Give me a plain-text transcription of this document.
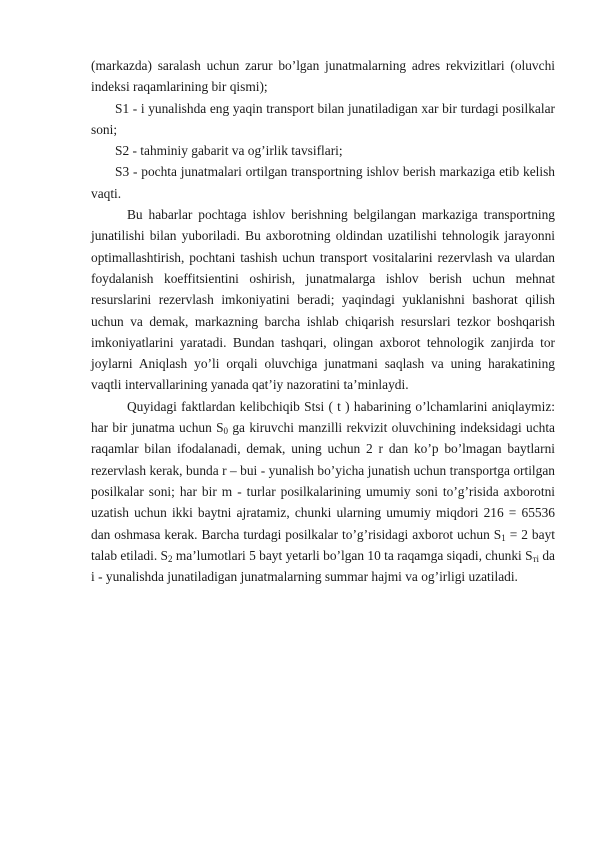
(markazda) saralash uchun zarur bo’lgan junatmalarning adres rekvizitlari (oluvchi indeksi raqamlarining bir qismi);

S1 - i yunalishda eng yaqin transport bilan junatiladigan xar bir turdagi posilkalar soni;

S2 - tahminiy gabarit va og’irlik tavsiflari;

S3 - pochta junatmalari ortilgan transportning ishlov berish markaziga etib kelish vaqti.

Bu habarlar pochtaga ishlov berishning belgilangan markaziga transportning junatilishi bilan yuboriladi. Bu axborotning oldindan uzatilishi tehnologik jarayonni optimallashtirish, pochtani tashish uchun transport vositalarini rezervlash va ulardan foydalanish koeffitsientini oshirish, junatmalarga ishlov berish uchun mehnat resurslarini rezervlash imkoniyatini beradi; yaqindagi yuklanishni bashorat qilish uchun va demak, markazning barcha ishlab chiqarish resurslari tezkor boshqarish imkoniyatlarini yaratadi. Bundan tashqari, olingan axborot tehnologik zanjirda tor joylarni Aniqlash yo’li orqali oluvchiga junatmani saqlash va uning harakatining vaqtli intervallarining yanada qat’iy nazoratini ta’minlaydi.

Quyidagi faktlardan kelibchiqib Stsi ( t ) habarining o’lchamlarini aniqlaymiz: har bir junatma uchun $S_0$ ga kiruvchi manzilli rekvizit oluvchining indeksidagi uchta raqamlar bilan ifodalanadi, demak, uning uchun 2 r dan ko’p bo’lmagan baytlarni rezervlash kerak, bunda r – bui - yunalish bo’yicha junatish uchun transportga ortilgan posilkalar soni; har bir m - turlar posilkalarining umumiy soni to’g’risida axborotni uzatish uchun ikki baytni ajratamiz, chunki ularning umumiy miqdori 216 = 65536 dan oshmasa kerak. Barcha turdagi posilkalar to’g’risidagi axborot uchun $S_1 = 2$ bayt talab etiladi. $S_2$ ma’lumotlari 5 bayt yetarli bo’lgan 10 ta raqamga siqadi, chunki $S_{ті}$ da i - yunalishda junatiladigan junatmalarning summar hajmi va og’irligi uzatiladi.
